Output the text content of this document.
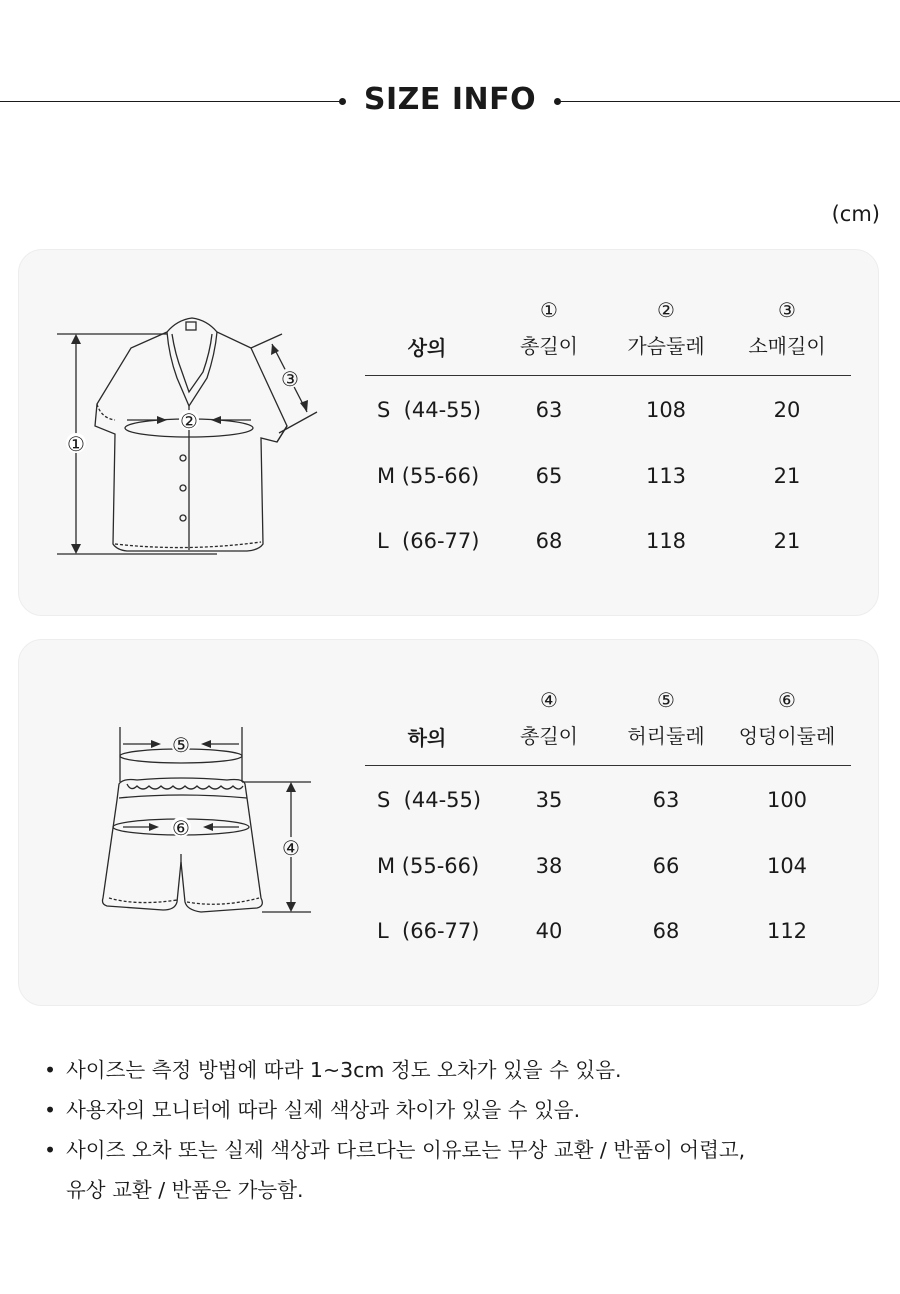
SIZE INFO
(cm)
①
③
②
상의
①	②	③
총길이	가슴둘레	소매길이
S  (44-55)	63	108	20
M (55-66)	65	113	21
L  (66-77)	68	118	21
④
⑤
⑥
하의
④	⑤	⑥
총길이	허리둘레	엉덩이둘레
S  (44-55)	35	63	100
M (55-66)	38	66	104
L  (66-77)	40	68	112
• 사이즈는 측정 방법에 따라 1~3cm 정도 오차가 있을 수 있음.
• 사용자의 모니터에 따라 실제 색상과 차이가 있을 수 있음.
• 사이즈 오차 또는 실제 색상과 다르다는 이유로는 무상 교환 / 반품이 어렵고,
유상 교환 / 반품은 가능함.
